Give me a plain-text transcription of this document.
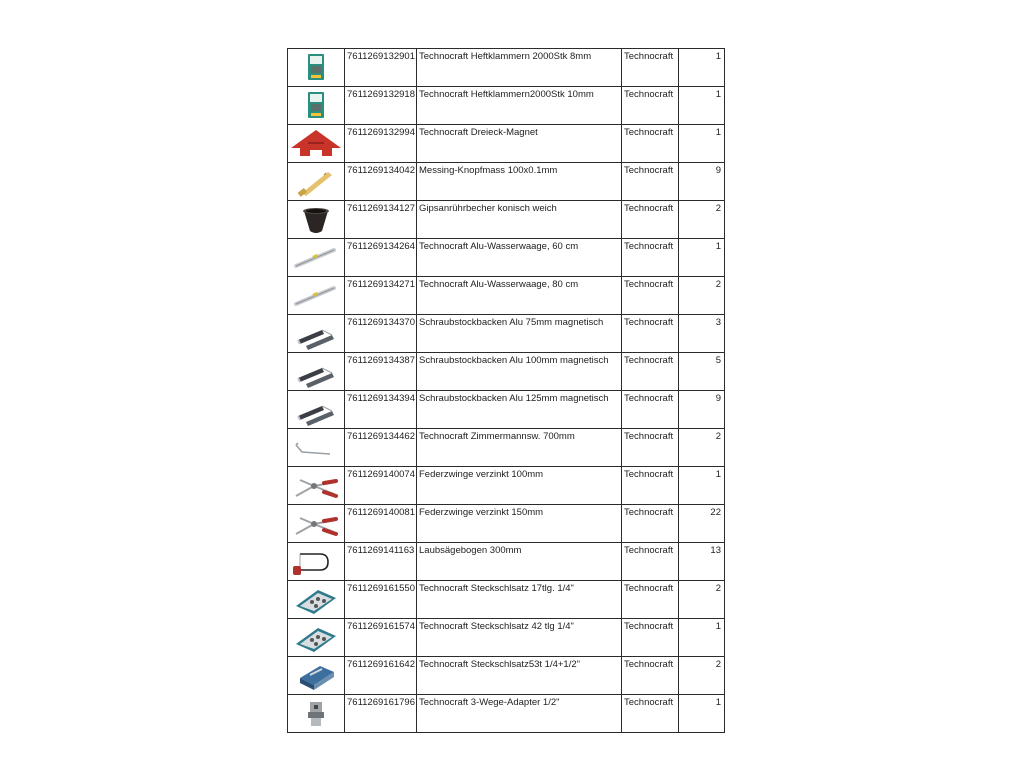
	7611269132901	Technocraft Heftklammern 2000Stk 8mm	Technocraft	1

	7611269132918	Technocraft Heftklammern2000Stk 10mm	Technocraft	1

	7611269132994	Technocraft Dreieck-Magnet	Technocraft	1

	7611269134042	Messing-Knopfmass 100x0.1mm	Technocraft	9

	7611269134127	Gipsanrührbecher konisch weich	Technocraft	2

	7611269134264	Technocraft Alu-Wasserwaage, 60 cm	Technocraft	1

	7611269134271	Technocraft Alu-Wasserwaage, 80 cm	Technocraft	2

	7611269134370	Schraubstockbacken Alu 75mm magnetisch	Technocraft	3

	7611269134387	Schraubstockbacken Alu 100mm magnetisch	Technocraft	5

	7611269134394	Schraubstockbacken Alu 125mm magnetisch	Technocraft	9

	7611269134462	Technocraft Zimmermannsw. 700mm	Technocraft	2

	7611269140074	Federzwinge verzinkt 100mm	Technocraft	1

	7611269140081	Federzwinge verzinkt 150mm	Technocraft	22

	7611269141163	Laubsägebogen 300mm	Technocraft	13

	7611269161550	Technocraft Steckschlsatz 17tlg. 1/4"	Technocraft	2

	7611269161574	Technocraft Steckschlsatz 42 tlg 1/4"	Technocraft	1

	7611269161642	Technocraft Steckschlsatz53t 1/4+1/2"	Technocraft	2

	7611269161796	Technocraft 3-Wege-Adapter 1/2"	Technocraft	1
